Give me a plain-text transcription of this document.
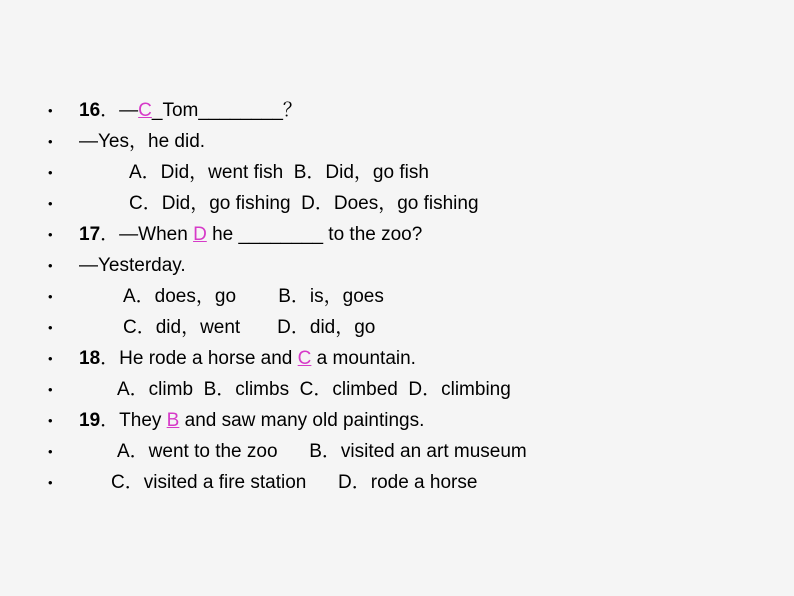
•

	16．—C_Tom________？

•

	—Yes，he did.

•

	A．Did，went fish  B．Did，go fish

•

	C．Did，go fishing  D．Does，go fishing

•

	17．—When D he ________ to the zoo?

•

	—Yesterday.

•

	A．does，go        B．is，goes

•

	C．did，went       D．did，go

•

	18．He rode a horse and C a mountain.

•

	A．climb  B．climbs  C．climbed  D．climbing

•

	19．They B and saw many old paintings.

•

	A．went to the zoo      B．visited an art museum

•

	C．visited a fire station      D．rode a horse
